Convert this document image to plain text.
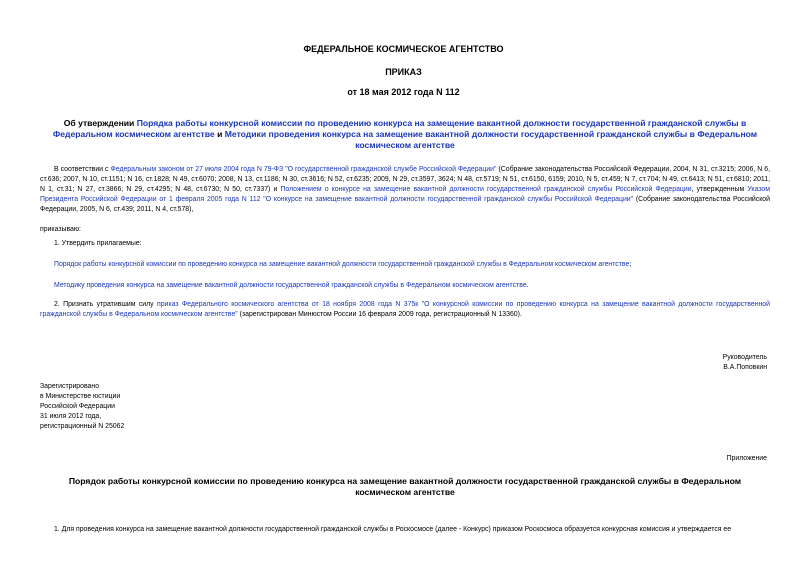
ФЕДЕРАЛЬНОЕ КОСМИЧЕСКОЕ АГЕНТСТВО
ПРИКАЗ
от 18 мая 2012 года N 112
Об утверждении Порядка работы конкурсной комиссии по проведению конкурса на замещение вакантной должности государственной гражданской службы в Федеральном космическом агентстве и Методики проведения конкурса на замещение вакантной должности государственной гражданской службы в Федеральном космическом агентстве
В соответствии с Федеральным законом от 27 июля 2004 года N 79-ФЗ "О государственной гражданской службе Российской Федерации" (Собрание законодательства Российской Федерации, 2004, N 31, ст.3215; 2006, N 6, ст.636; 2007, N 10, ст.1151; N 16, ст.1828; N 49, ст.6070; 2008, N 13, ст.1186; N 30, ст.3616; N 52, ст.6235; 2009, N 29, ст.3597, 3624; N 48, ст.5719; N 51, ст.6150, 6159; 2010, N 5, ст.459; N 7, ст.704; N 49, ст.6413; N 51, ст.6810; 2011, N 1, ст.31; N 27, ст.3866; N 29, ст.4295; N 48, ст.6730; N 50, ст.7337) и Положением о конкурсе на замещение вакантной должности государственной гражданской службы Российской Федерации, утвержденным Указом Президента Российской Федерации от 1 февраля 2005 года N 112 "О конкурсе на замещение вакантной должности государственной гражданской службы Российской Федерации" (Собрание законодательства Российской Федерации, 2005, N 6, ст.439; 2011, N 4, ст.578),
приказываю:
1. Утвердить прилагаемые:
Порядок работы конкурсной комиссии по проведению конкурса на замещение вакантной должности государственной гражданской службы в Федеральном космическом агентстве;
Методику проведения конкурса на замещение вакантной должности государственной гражданской службы в Федеральном космическом агентстве.
2. Признать утратившим силу приказ Федерального космического агентства от 18 ноября 2008 года N 375к "О конкурсной комиссии по проведению конкурса на замещение вакантной должности государственной гражданской службы в Федеральном космическом агентстве" (зарегистрирован Минюстом России 16 февраля 2009 года, регистрационный N 13360).
Руководитель
В.А.Поповкин
Зарегистрировано
в Министерстве юстиции
Российской Федерации
31 июля 2012 года,
регистрационный N 25062
Приложение
Порядок работы конкурсной комиссии по проведению конкурса на замещение вакантной должности государственной гражданской службы в Федеральном космическом агентстве
1. Для проведения конкурса на замещение вакантной должности государственной гражданской службы в Роскосмосе (далее - Конкурс) приказом Роскосмоса образуется конкурсная комиссия и утверждается ее
